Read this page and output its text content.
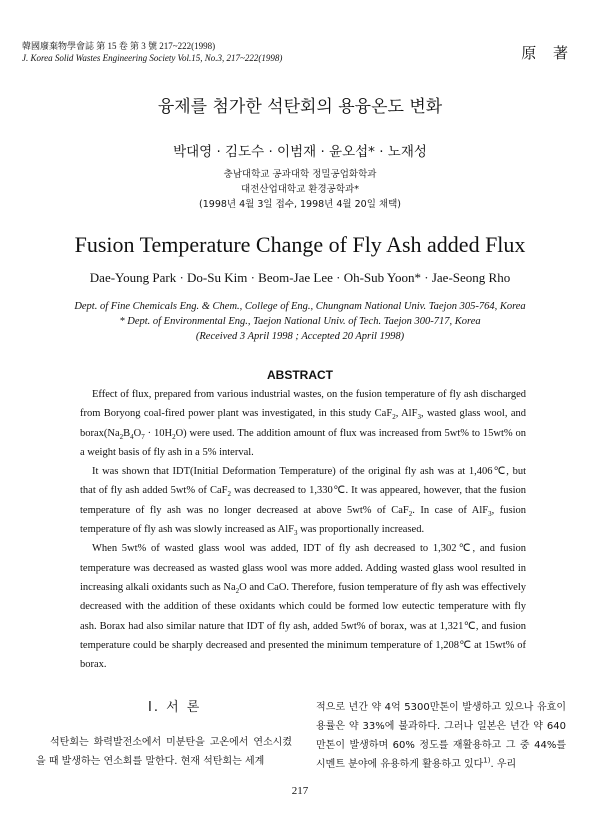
韓國廢棄物學會誌 第 15 卷 第 3 號 217~222(1998)
J. Korea Solid Wastes Engineering Society Vol.15, No.3, 217~222(1998)	原 著
융제를 첨가한 석탄회의 용융온도 변화
박대영 · 김도수 · 이범재 · 윤오섭* · 노재성
충남대학교 공과대학 정밀공업화학과
대전산업대학교 환경공학과*
(1998년 4월 3일 접수, 1998년 4월 20일 채택)
Fusion Temperature Change of Fly Ash added Flux
Dae-Young Park · Do-Su Kim · Beom-Jae Lee · Oh-Sub Yoon* · Jae-Seong Rho
Dept. of Fine Chemicals Eng. & Chem., College of Eng., Chungnam National Univ. Taejon 305-764, Korea
* Dept. of Environmental Eng., Taejon National Univ. of Tech. Taejon 300-717, Korea
(Received 3 April 1998 ; Accepted 20 April 1998)
ABSTRACT

Effect of flux, prepared from various industrial wastes, on the fusion temperature of fly ash discharged from Boryong coal-fired power plant was investigated, in this study CaF$_2$, AlF$_3$, wasted glass wool, and $borax(Na_2B_4O_7 \cdot 10H_2O)$ were used. The addition amount of flux was increased from 5wt% to 15wt% on a weight basis of fly ash in a 5% interval.

It was shown that IDT(Initial Deformation Temperature) of the original fly ash was at 1,406℃, but that of fly ash added 5wt% of CaF$_2$ was decreased to 1,330℃. It was appeared, however, that the fusion temperature of fly ash was no longer decreased at above 5wt% of CaF$_2$. In case of AlF$_3$, fusion temperature of fly ash was slowly increased as AlF$_3$ was proportionally increased.

When 5wt% of wasted glass wool was added, IDT of fly ash decreased to 1,302℃, and fusion temperature was decreased as wasted glass wool was more added. Adding wasted glass wool resulted in increasing alkali oxidants such as $Na_2O$ and CaO. Therefore, fusion temperature of fly ash was effectively decreased with the addition of these oxidants which could be formed low eutectic temperature with fly ash. Borax had also similar nature that IDT of fly ash, added 5wt% of borax, was at 1,321℃, and fusion temperature could be sharply decreased and presented the minimum temperature of 1,208℃ at 15wt% of borax.

Ⅰ. 서 론

석탄회는 화력발전소에서 미분탄을 고온에서 연소시켰을 때 발생하는 연소회를 말한다. 현재 석탄회는 세계

적으로 년간 약 4억 5300만톤이 발생하고 있으나 유효이용률은 약 33%에 불과하다. 그러나 일본은 년간 약 640만톤이 발생하며 60% 정도를 재활용하고 그 중 44%를 시멘트 분야에 유용하게 활용하고 있다$^{1)}$. 우리

217
